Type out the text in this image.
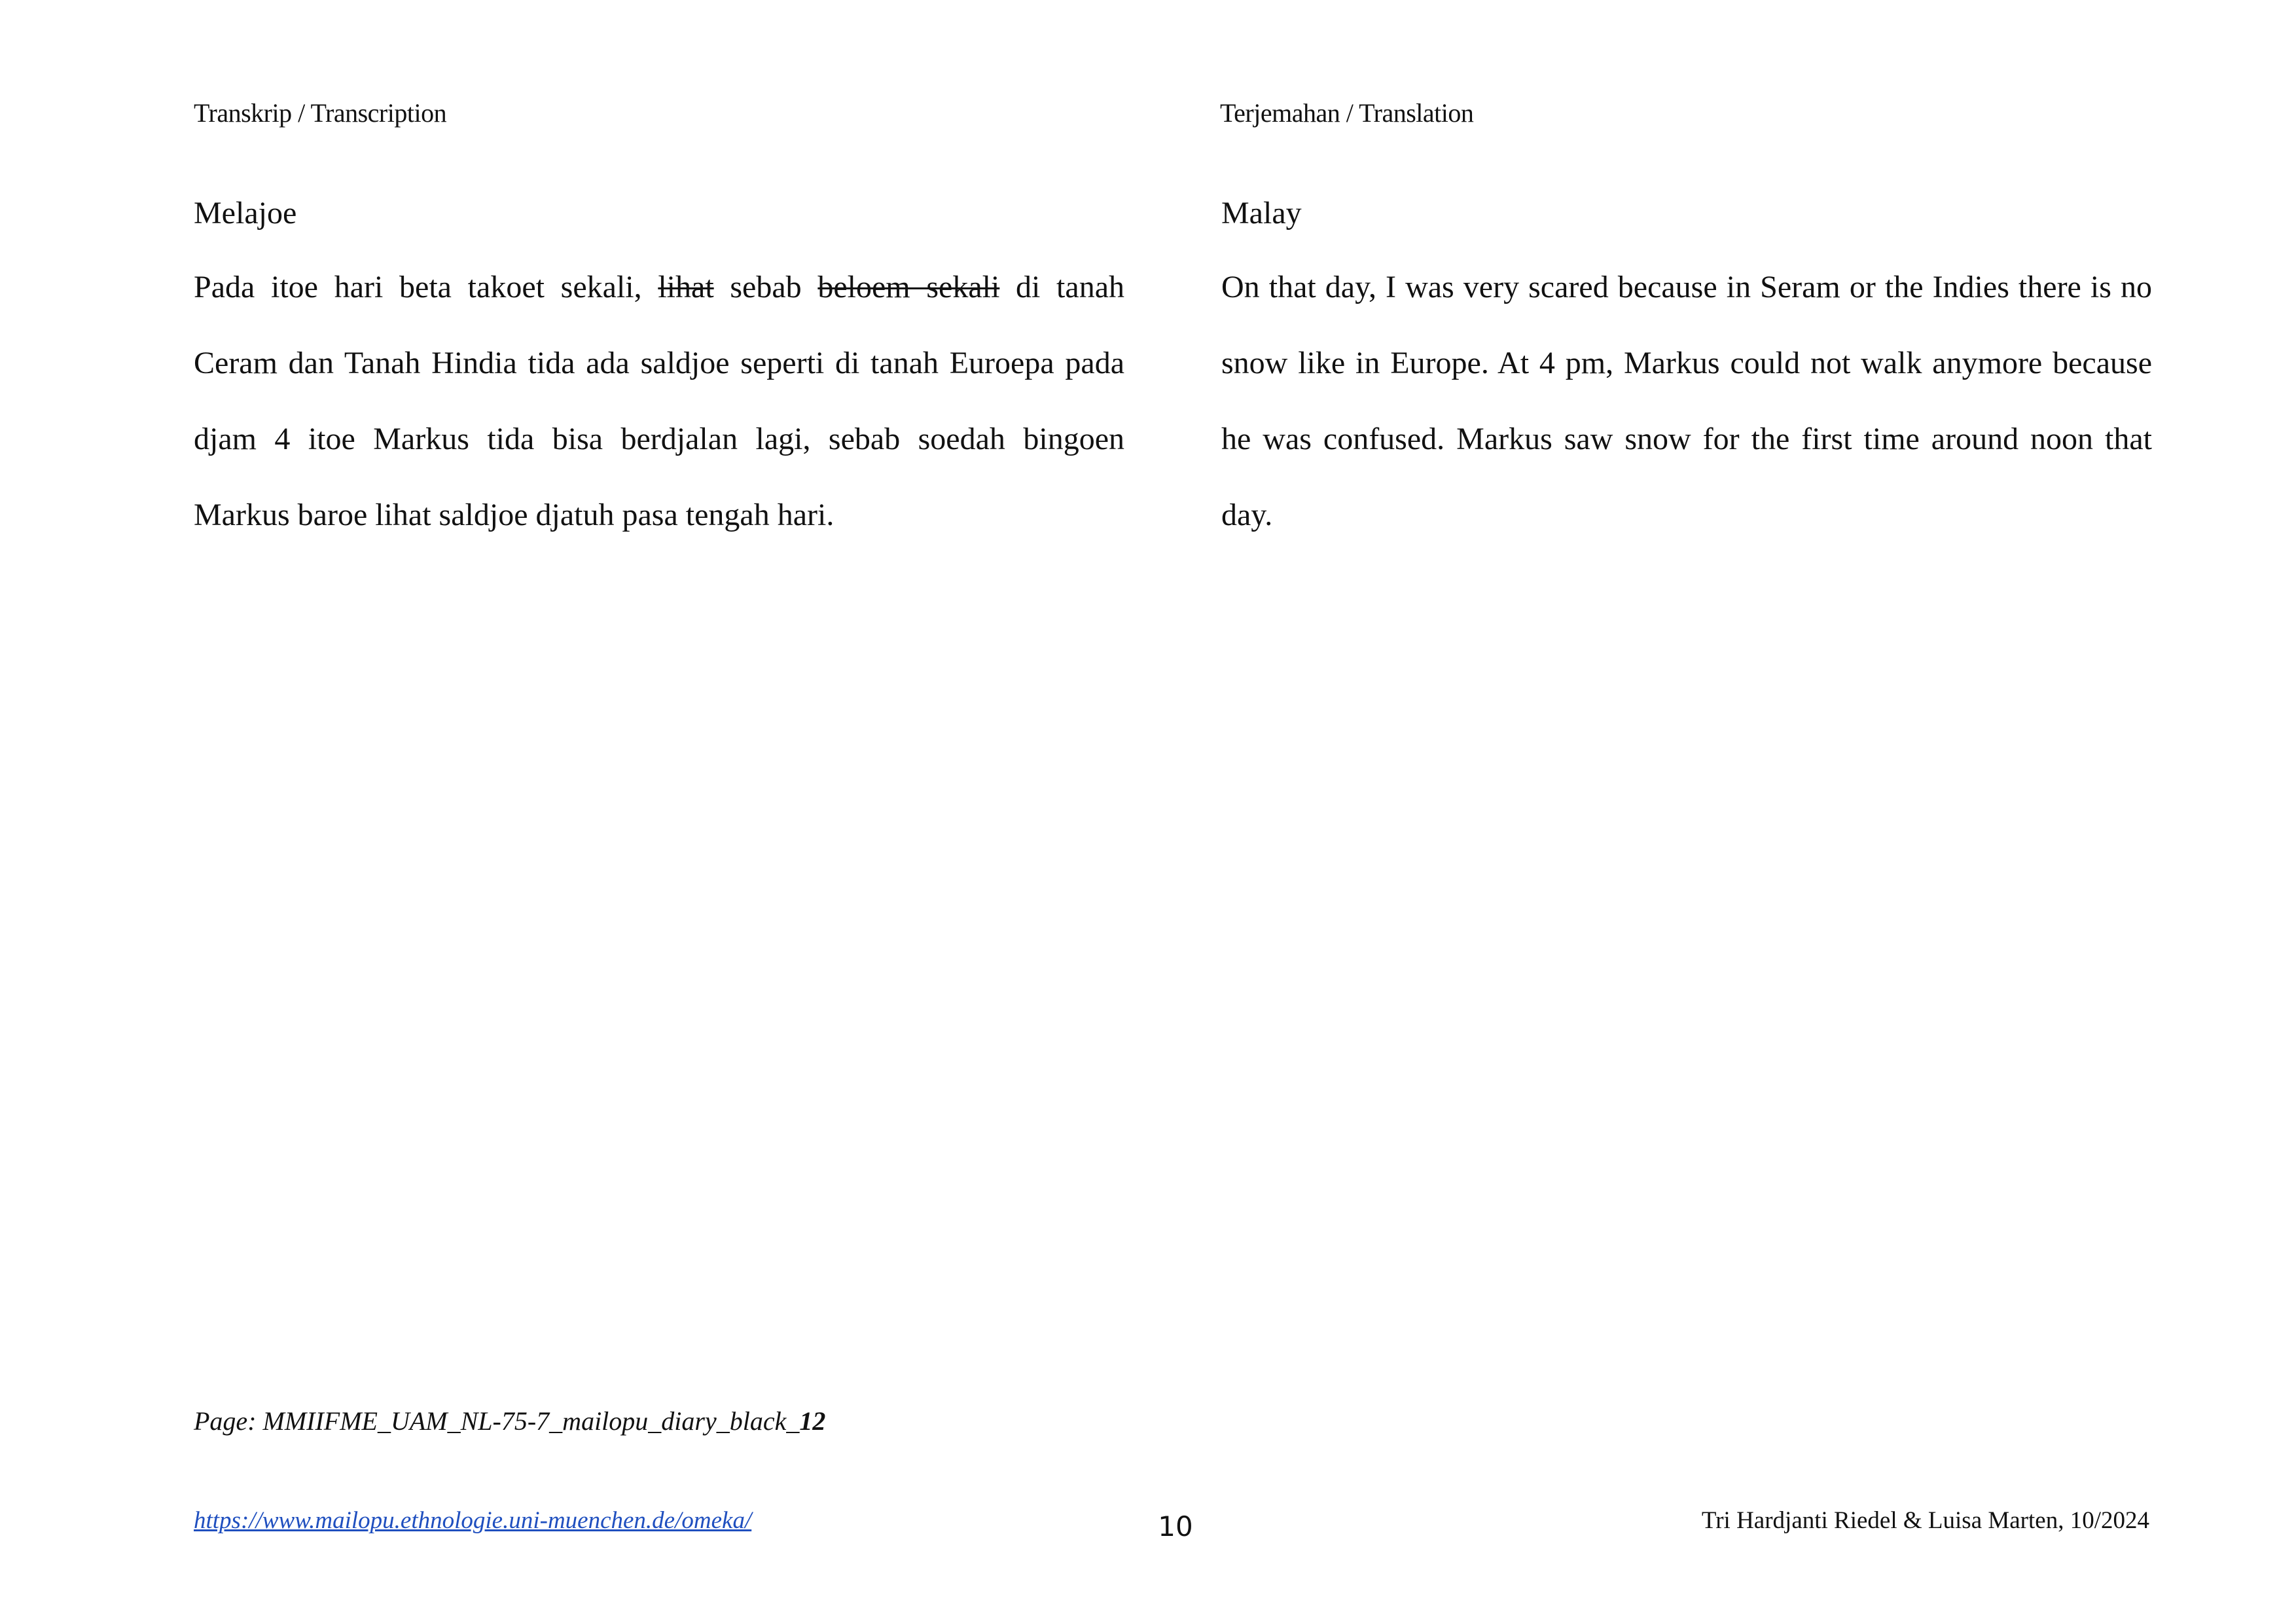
Transkrip / Transcription	Terjemahan / Translation
Melajoe

Pada itoe hari beta takoet sekali, lihat sebab beloem sekali di tanah Ceram dan Tanah Hindia tida ada saldjoe seperti di tanah Euroepa pada djam 4 itoe Markus tida bisa berdjalan lagi, sebab soedah bingoen Markus baroe lihat saldjoe djatuh pasa tengah hari.

Malay

On that day, I was very scared because in Seram or the Indies there is no snow like in Europe. At 4 pm, Markus could not walk anymore because he was confused. Markus saw snow for the first time around noon that day.

Page: MMIIFME_UAM_NL-75-7_mailopu_diary_black_12
https://www.mailopu.ethnologie.uni-muenchen.de/omeka/	10	Tri Hardjanti Riedel & Luisa Marten, 10/2024
